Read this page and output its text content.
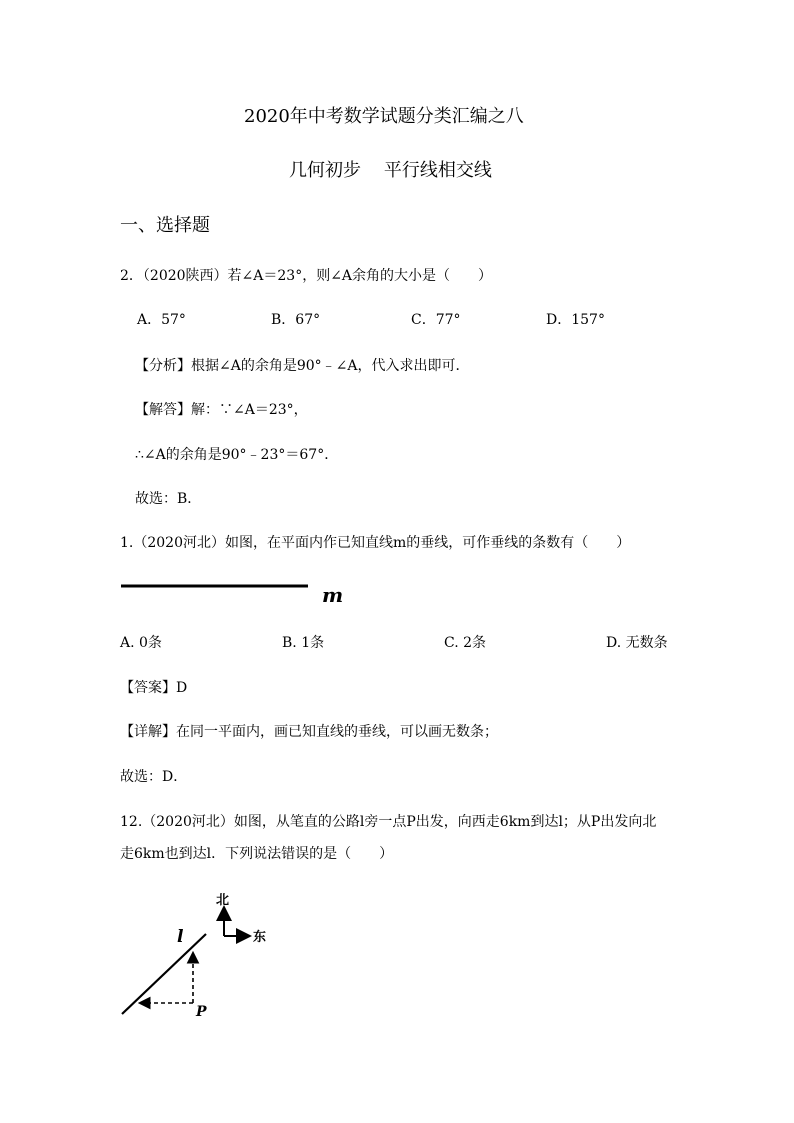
2020年中考数学试题分类汇编之八
几何初步    平行线相交线
一、选择题
2．（2020陕西）若∠A＝23°，则∠A余角的大小是（　　）
A．57°	B．67°	C．77°	D．157°
【分析】根据∠A的余角是90°﹣∠A，代入求出即可．
【解答】解：∵∠A＝23°，
∴∠A的余角是90°﹣23°＝67°．
故选：B．
1.（2020河北）如图，在平面内作已知直线m的垂线，可作垂线的条数有（　　）
m
A. 0条	B. 1条	C. 2条	D. 无数条
【答案】D
【详解】在同一平面内，画已知直线的垂线，可以画无数条；
故选：D．
12.（2020河北）如图，从笔直的公路l旁一点P出发，向西走6km到达l；从P出发向北
走6km也到达l．下列说法错误的是（　　）
北
东
l
P
